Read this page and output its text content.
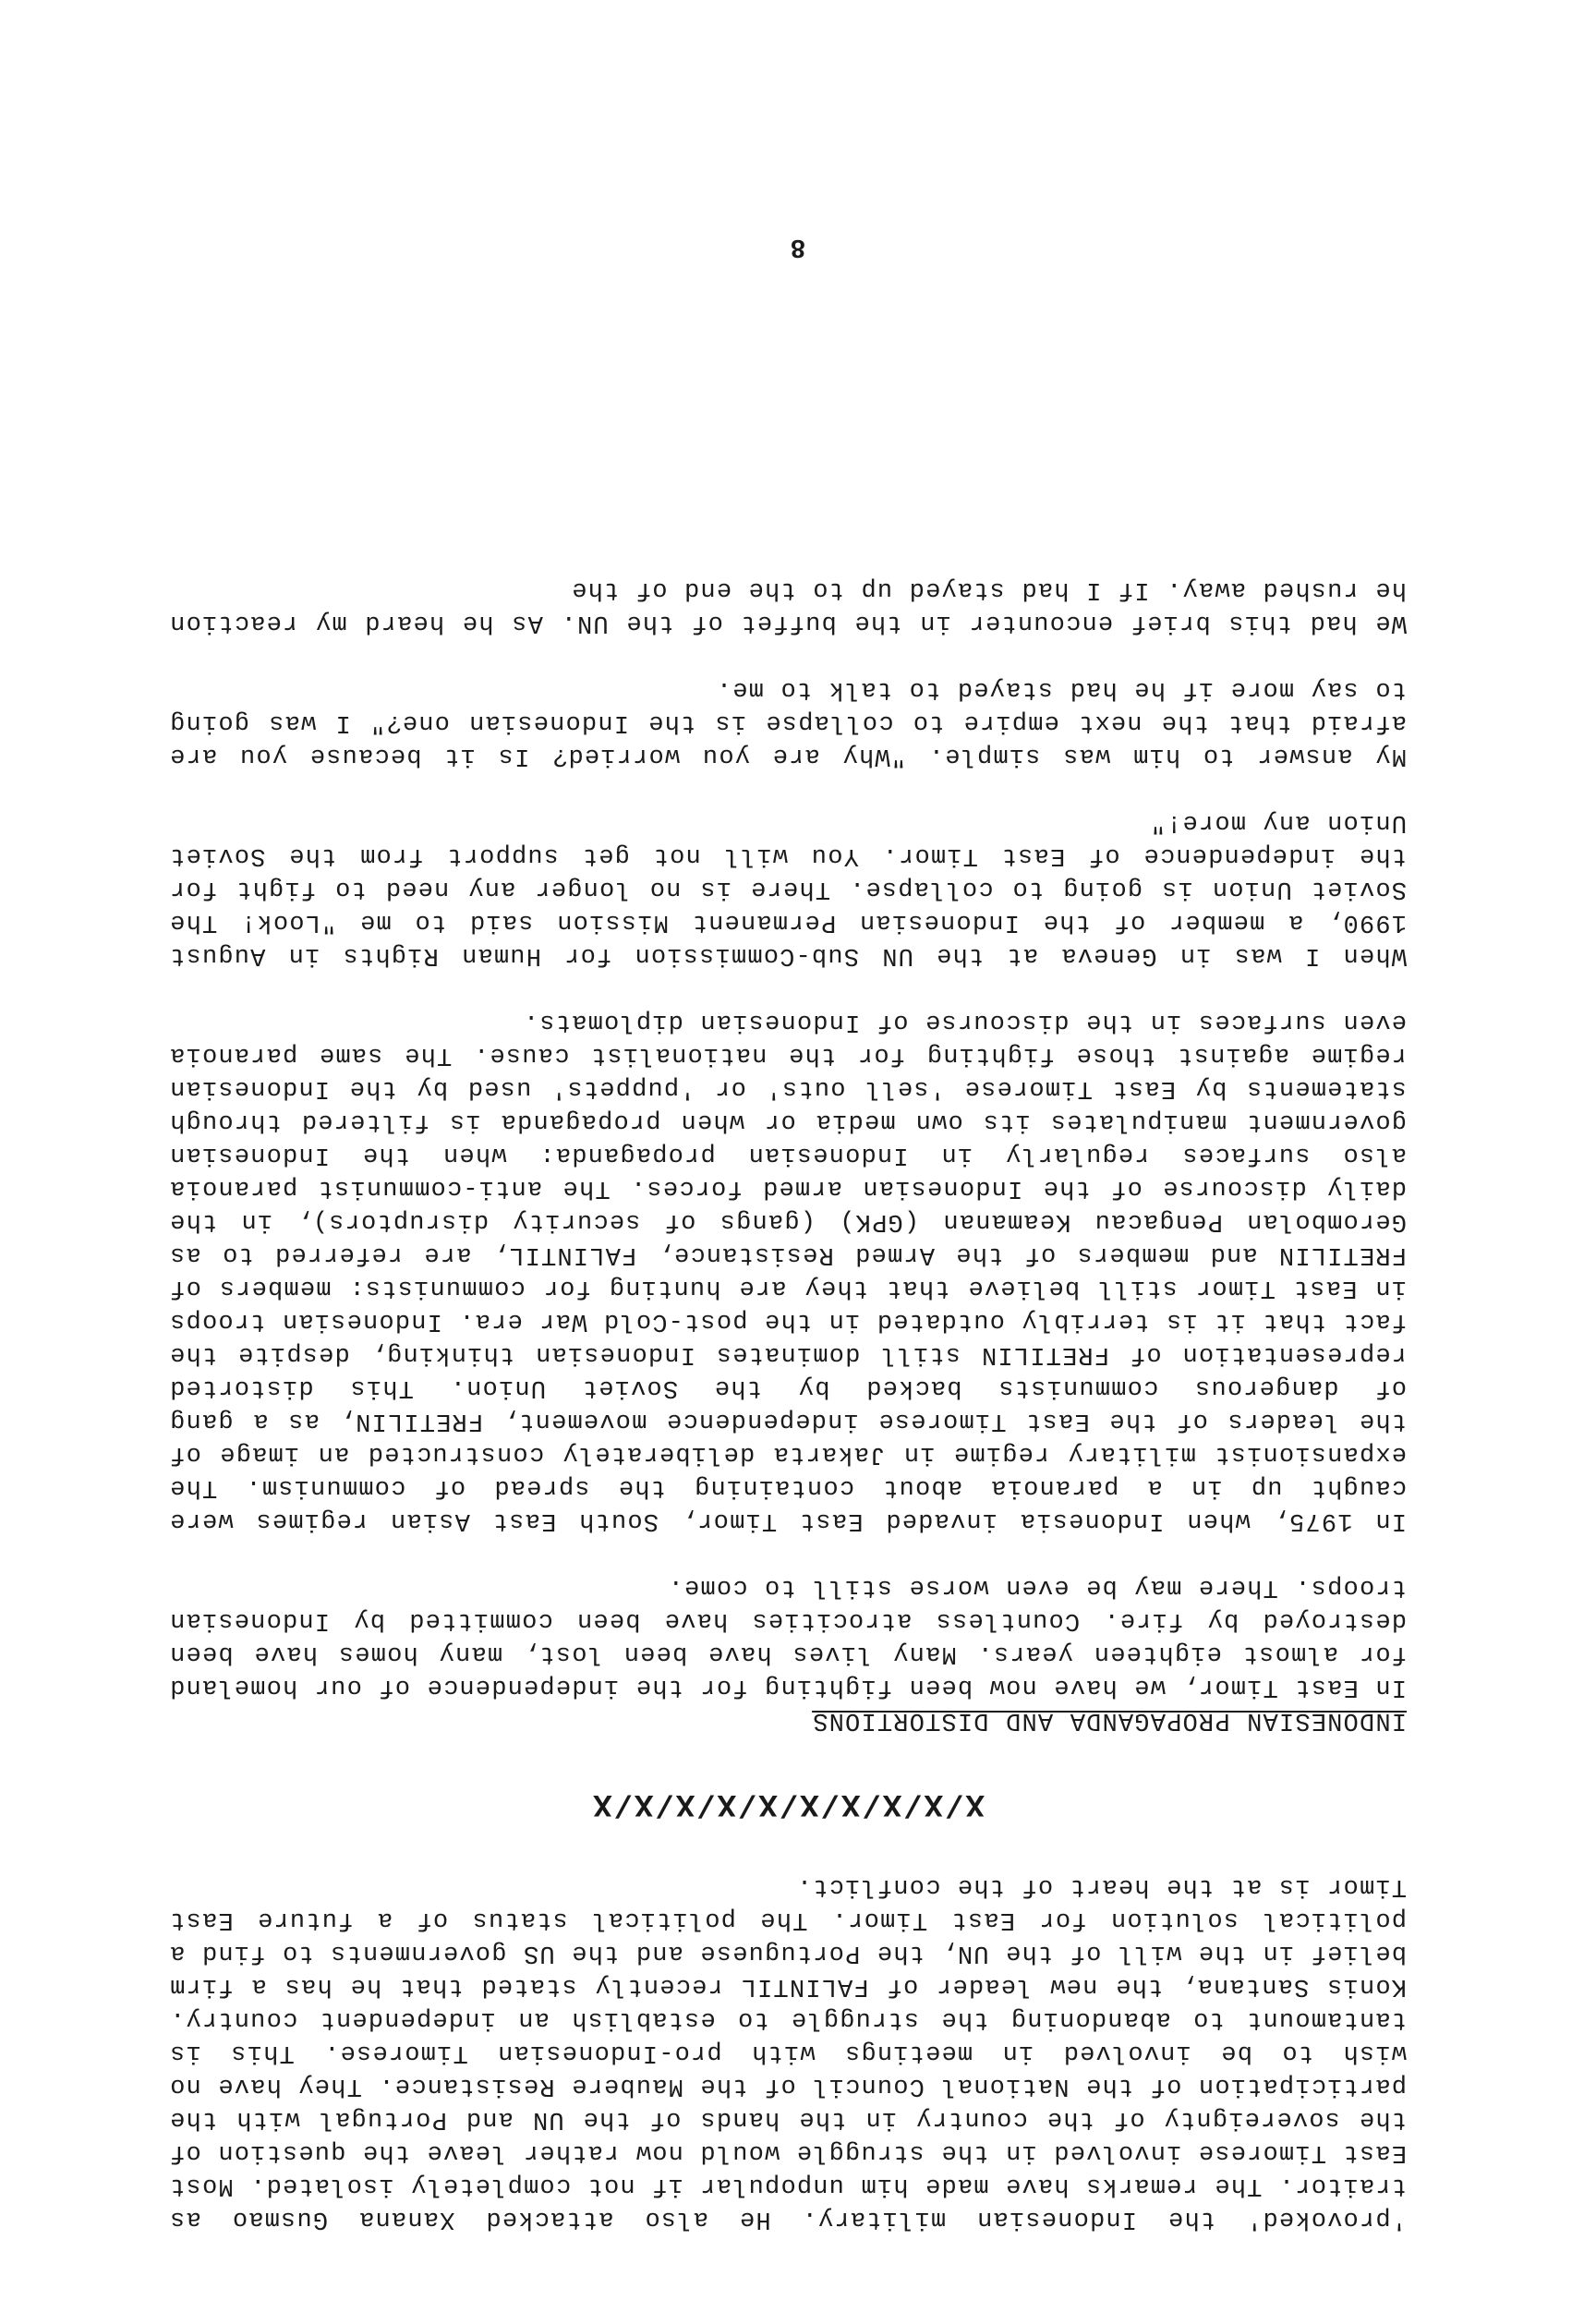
'provoked' the Indonesian military. He also attacked Xanana Gusmao as traitor. The remarks have made him unpopular if not completely isolated. Most East Timorese involved in the struggle would now rather leave the question of the sovereignty of the country in the hands of the UN and Portugal with the participation of the National Council of the Maubere Resistance. They have no wish to be involved in meetings with pro-Indonesian Timorese. This is tantamount to abandoning the struggle to establish an independent country. Konis Santana, the new leader of FALINTIL recently stated that he has a firm belief in the will of the UN, the Portuguese and the US governments to find a political solution for East Timor. The political status of a future East Timor is at the heart of the conflict.

X/X/X/X/X/X/X/X/X/X

INDONESIAN PROPAGANDA AND DISTORTIONS

In East Timor, we have now been fighting for the independence of our homeland for almost eighteen years. Many lives have been lost, many homes have been destroyed by fire. Countless atrocities have been committed by Indonesian troops. There may be even worse still to come.

In 1975, when Indonesia invaded East Timor, South East Asian regimes were caught up in a paranoia about containing the spread of communism. The expansionist military regime in Jakarta deliberately constructed an image of the leaders of the East Timorese independence movement, FRETILIN, as a gang of dangerous communists backed by the Soviet Union. This distorted representation of FRETILIN still dominates Indonesian thinking, despite the fact that it is terribly outdated in the post-Cold War era. Indonesian troops in East Timor still believe that they are hunting for communists: members of FRETILIN and members of the Armed Resistance, FALINTIL, are referred to as Gerombolan Pengacau Keamanan (GPK) (gangs of security disruptors), in the daily discourse of the Indonesian armed forces. The anti-communist paranoia also surfaces regularly in Indonesian propaganda: when the Indonesian government manipulates its own media or when propaganda is filtered through statements by East Timorese 'sell outs' or 'puppets' used by the Indonesian regime against those fighting for the nationalist cause. The same paranoia even surfaces in the discourse of Indonesian diplomats.

When I was in Geneva at the UN Sub-Commission for Human Rights in August 1990, a member of the Indonesian Permanent Mission said to me "Look! The Soviet Union is going to collapse. There is no longer any need to fight for the independence of East Timor. You will not get support from the Soviet Union any more!"

My answer to him was simple. "Why are you worried? Is it because you are afraid that the next empire to collapse is the Indonesian one?" I was going to say more if he had stayed to talk to me.

We had this brief encounter in the buffet of the UN. As he heard my reaction he rushed away. If I had stayed up to the end of the

8
